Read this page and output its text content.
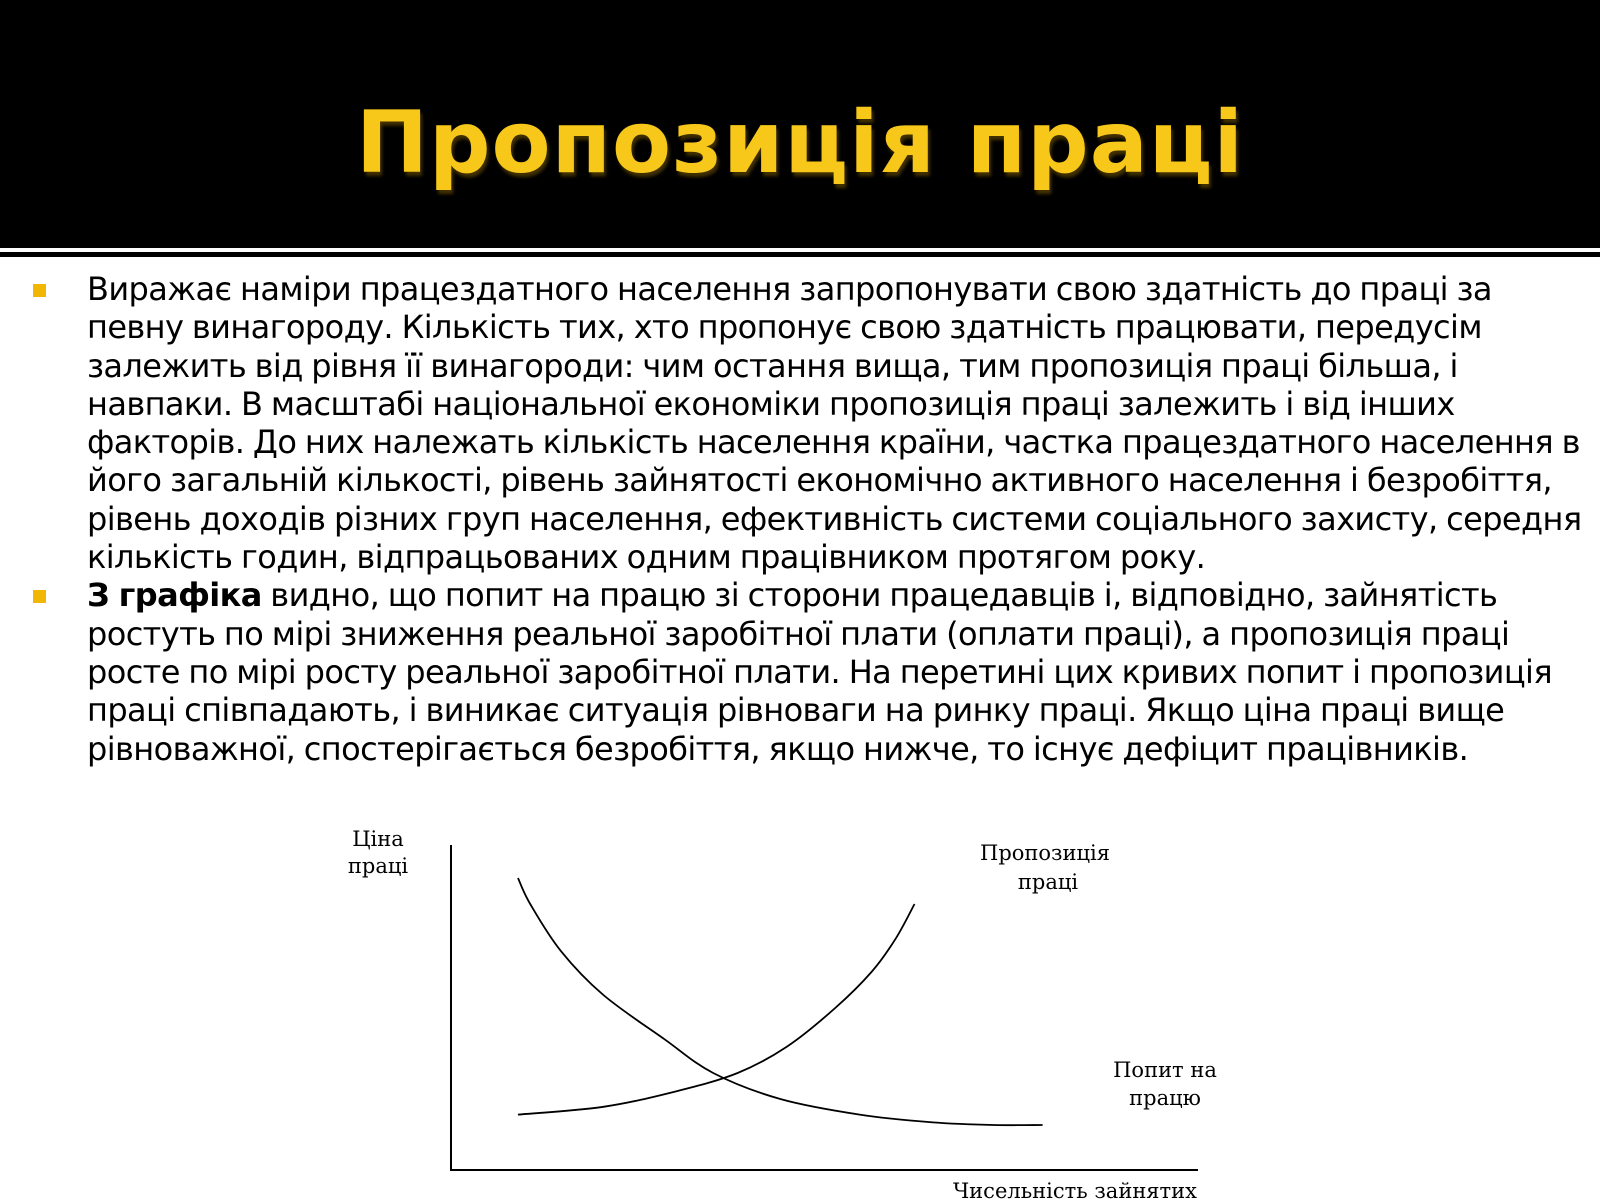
Пропозиція праці
Виражає наміри працездатного населення запропонувати свою здатність до праці за певну винагороду. Кількість тих, хто пропонує свою здатність працювати, передусім залежить від рівня її винагороди: чим остання вища, тим пропозиція праці більша, і навпаки. В масштабі національної економіки пропозиція праці залежить і від інших факторів. До них належать кількість населення країни, частка працездатного населення в його загальній кількості, рівень зайнятості економічно активного населення і безробіття, рівень доходів різних груп населення, ефективність системи соціального захисту, середня кількість годин, відпрацьованих одним працівником протягом року.
З графіка видно, що попит на працю зі сторони працедавців і, відповідно, зайнятість ростуть по мірі зниження реальної заробітної плати (оплати праці), а пропозиція праці росте по мірі росту реальної заробітної плати. На перетині цих кривих попит і пропозиція праці співпадають, і виникає ситуація рівноваги на ринку праці. Якщо ціна праці вище рівноважної, спостерігається безробіття, якщо нижче, то існує дефіцит працівників.
Ціна
праці
Чисельність зайнятих
Пропозиція
праці
Попит на
працю
